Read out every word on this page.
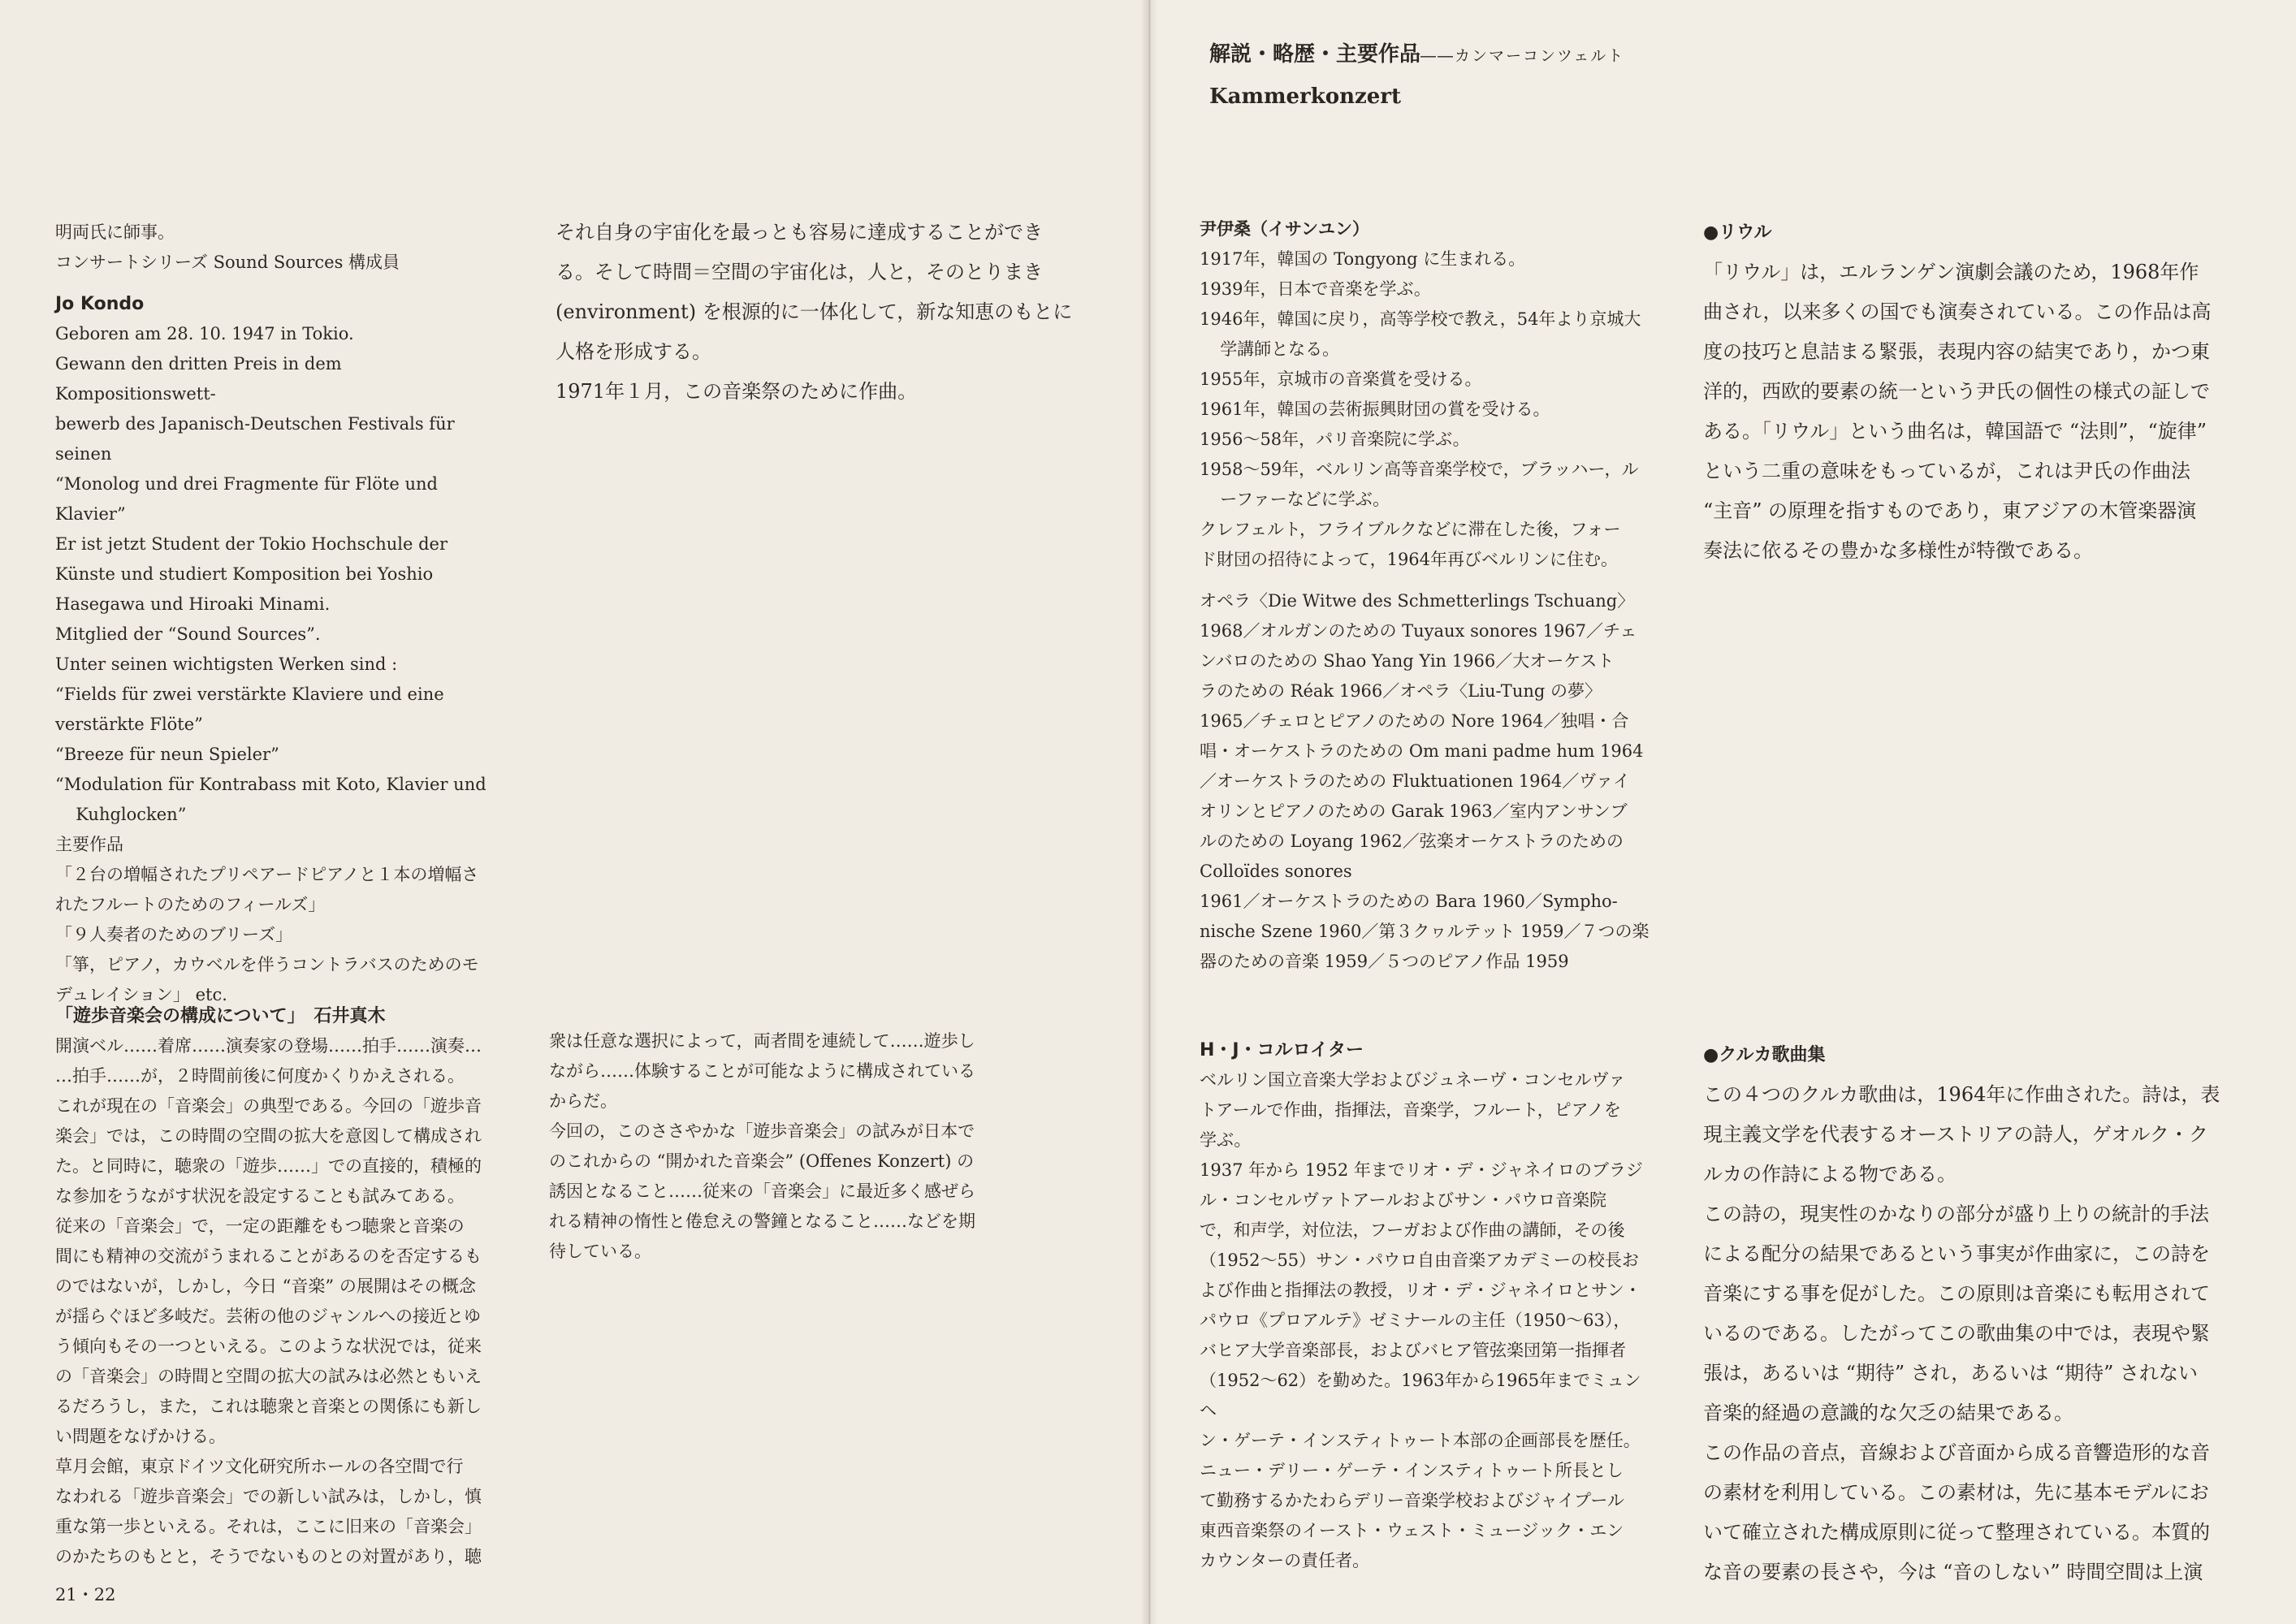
解説・略歴・主要作品――カンマーコンツェルト
Kammerkonzert

明両氏に師事。

コンサートシリーズ Sound Sources 構成員

Jo Kondo

Geboren am 28. 10. 1947 in Tokio.

Gewann den dritten Preis in dem Kompositionswett-

bewerb des Japanisch-Deutschen Festivals für seinen

“Monolog und drei Fragmente für Flöte und Klavier”

Er ist jetzt Student der Tokio Hochschule der

Künste und studiert Komposition bei Yoshio

Hasegawa und Hiroaki Minami.

Mitglied der “Sound Sources”.

Unter seinen wichtigsten Werken sind :

“Fields für zwei verstärkte Klaviere und eine

verstärkte Flöte”

“Breeze für neun Spieler”

“Modulation für Kontrabass mit Koto, Klavier und

Kuhglocken”

主要作品

「２台の増幅されたプリペアードピアノと１本の増幅さ

れたフルートのためのフィールズ」

「９人奏者のためのブリーズ」

「箏，ピアノ，カウベルを伴うコントラバスのためのモ

デュレイション」 etc.

それ自身の宇宙化を最っとも容易に達成することができ

る。そして時間＝空間の宇宙化は，人と，そのとりまき

(environment) を根源的に一体化して，新な知恵のもとに

人格を形成する。

1971年１月，この音楽祭のために作曲。

「遊歩音楽会の構成について」　石井真木

開演ベル……着席……演奏家の登場……拍手……演奏…

…拍手……が，２時間前後に何度かくりかえされる。

これが現在の「音楽会」の典型である。今回の「遊歩音

楽会」では，この時間の空間の拡大を意図して構成され

た。と同時に，聴衆の「遊歩……」での直接的，積極的

な参加をうながす状況を設定することも試みてある。

従来の「音楽会」で，一定の距離をもつ聴衆と音楽の

間にも精神の交流がうまれることがあるのを否定するも

のではないが，しかし，今日 “音楽” の展開はその概念

が揺らぐほど多岐だ。芸術の他のジャンルへの接近とゆ

う傾向もその一つといえる。このような状況では，従来

の「音楽会」の時間と空間の拡大の試みは必然ともいえ

るだろうし，また，これは聴衆と音楽との関係にも新し

い問題をなげかける。

草月会館，東京ドイツ文化研究所ホールの各空間で行

なわれる「遊歩音楽会」での新しい試みは，しかし，慎

重な第一歩といえる。それは，ここに旧来の「音楽会」

のかたちのもとと，そうでないものとの対置があり，聴

衆は任意な選択によって，両者間を連続して……遊歩し

ながら……体験することが可能なように構成されている

からだ。

今回の，このささやかな「遊歩音楽会」の試みが日本で

のこれからの “開かれた音楽会” (Offenes Konzert) の

誘因となること……従来の「音楽会」に最近多く感ぜら

れる精神の惰性と倦怠えの警鐘となること……などを期

待している。

21・22

尹伊桑（イサンユン）

1917年，韓国の Tongyong に生まれる。

1939年，日本で音楽を学ぶ。

1946年，韓国に戻り，高等学校で教え，54年より京城大

学講師となる。

1955年，京城市の音楽賞を受ける。

1961年，韓国の芸術振興財団の賞を受ける。

1956～58年，パリ音楽院に学ぶ。

1958～59年，ベルリン高等音楽学校で，ブラッハー，ル

ーファーなどに学ぶ。

クレフェルト，フライブルクなどに滞在した後，フォー

ド財団の招待によって，1964年再びベルリンに住む。

オペラ〈Die Witwe des Schmetterlings Tschuang〉

1968／オルガンのための Tuyaux sonores 1967／チェ

ンバロのための Shao Yang Yin 1966／大オーケスト

ラのための Réak 1966／オペラ〈Liu-Tung の夢〉

1965／チェロとピアノのための Nore 1964／独唱・合

唱・オーケストラのための Om mani padme hum 1964

／オーケストラのための Fluktuationen 1964／ヴァイ

オリンとピアノのための Garak 1963／室内アンサンブ

ルのための Loyang 1962／弦楽オーケストラのための

Colloïdes sonores

1961／オーケストラのための Bara 1960／Sympho-

nische Szene 1960／第３クヮルテット 1959／７つの楽

器のための音楽 1959／５つのピアノ作品 1959

●リウル

「リウル」は，エルランゲン演劇会議のため，1968年作

曲され，以来多くの国でも演奏されている。この作品は高

度の技巧と息詰まる緊張，表現内容の結実であり，かつ東

洋的，西欧的要素の統一という尹氏の個性の様式の証しで

ある。「リウル」という曲名は，韓国語で “法則”，“旋律”

という二重の意味をもっているが，これは尹氏の作曲法

“主音” の原理を指すものであり，東アジアの木管楽器演

奏法に依るその豊かな多様性が特徴である。

H・J・コルロイター

ベルリン国立音楽大学およびジュネーヴ・コンセルヴァ

トアールで作曲，指揮法，音楽学，フルート，ピアノを

学ぶ。

1937 年から 1952 年までリオ・デ・ジャネイロのブラジ

ル・コンセルヴァトアールおよびサン・パウロ音楽院

で，和声学，対位法，フーガおよび作曲の講師，その後

（1952～55）サン・パウロ自由音楽アカデミーの校長お

よび作曲と指揮法の教授，リオ・デ・ジャネイロとサン・

パウロ《プロアルテ》ゼミナールの主任（1950～63），

バヒア大学音楽部長，およびバヒア管弦楽団第一指揮者

（1952～62）を勤めた。1963年から1965年までミュンヘ

ン・ゲーテ・インスティトゥート本部の企画部長を歴任。

ニュー・デリー・ゲーテ・インスティトゥート所長とし

て勤務するかたわらデリー音楽学校およびジャイプール

東西音楽祭のイースト・ウェスト・ミュージック・エン

カウンターの責任者。

●クルカ歌曲集

この４つのクルカ歌曲は，1964年に作曲された。詩は，表

現主義文学を代表するオーストリアの詩人，ゲオルク・ク

ルカの作詩による物である。

この詩の，現実性のかなりの部分が盛り上りの統計的手法

による配分の結果であるという事実が作曲家に，この詩を

音楽にする事を促がした。この原則は音楽にも転用されて

いるのである。したがってこの歌曲集の中では，表現や緊

張は，あるいは “期待” され，あるいは “期待” されない

音楽的経過の意識的な欠乏の結果である。

この作品の音点，音線および音面から成る音響造形的な音

の素材を利用している。この素材は，先に基本モデルにお

いて確立された構成原則に従って整理されている。本質的

な音の要素の長さや，今は “音のしない” 時間空間は上演
